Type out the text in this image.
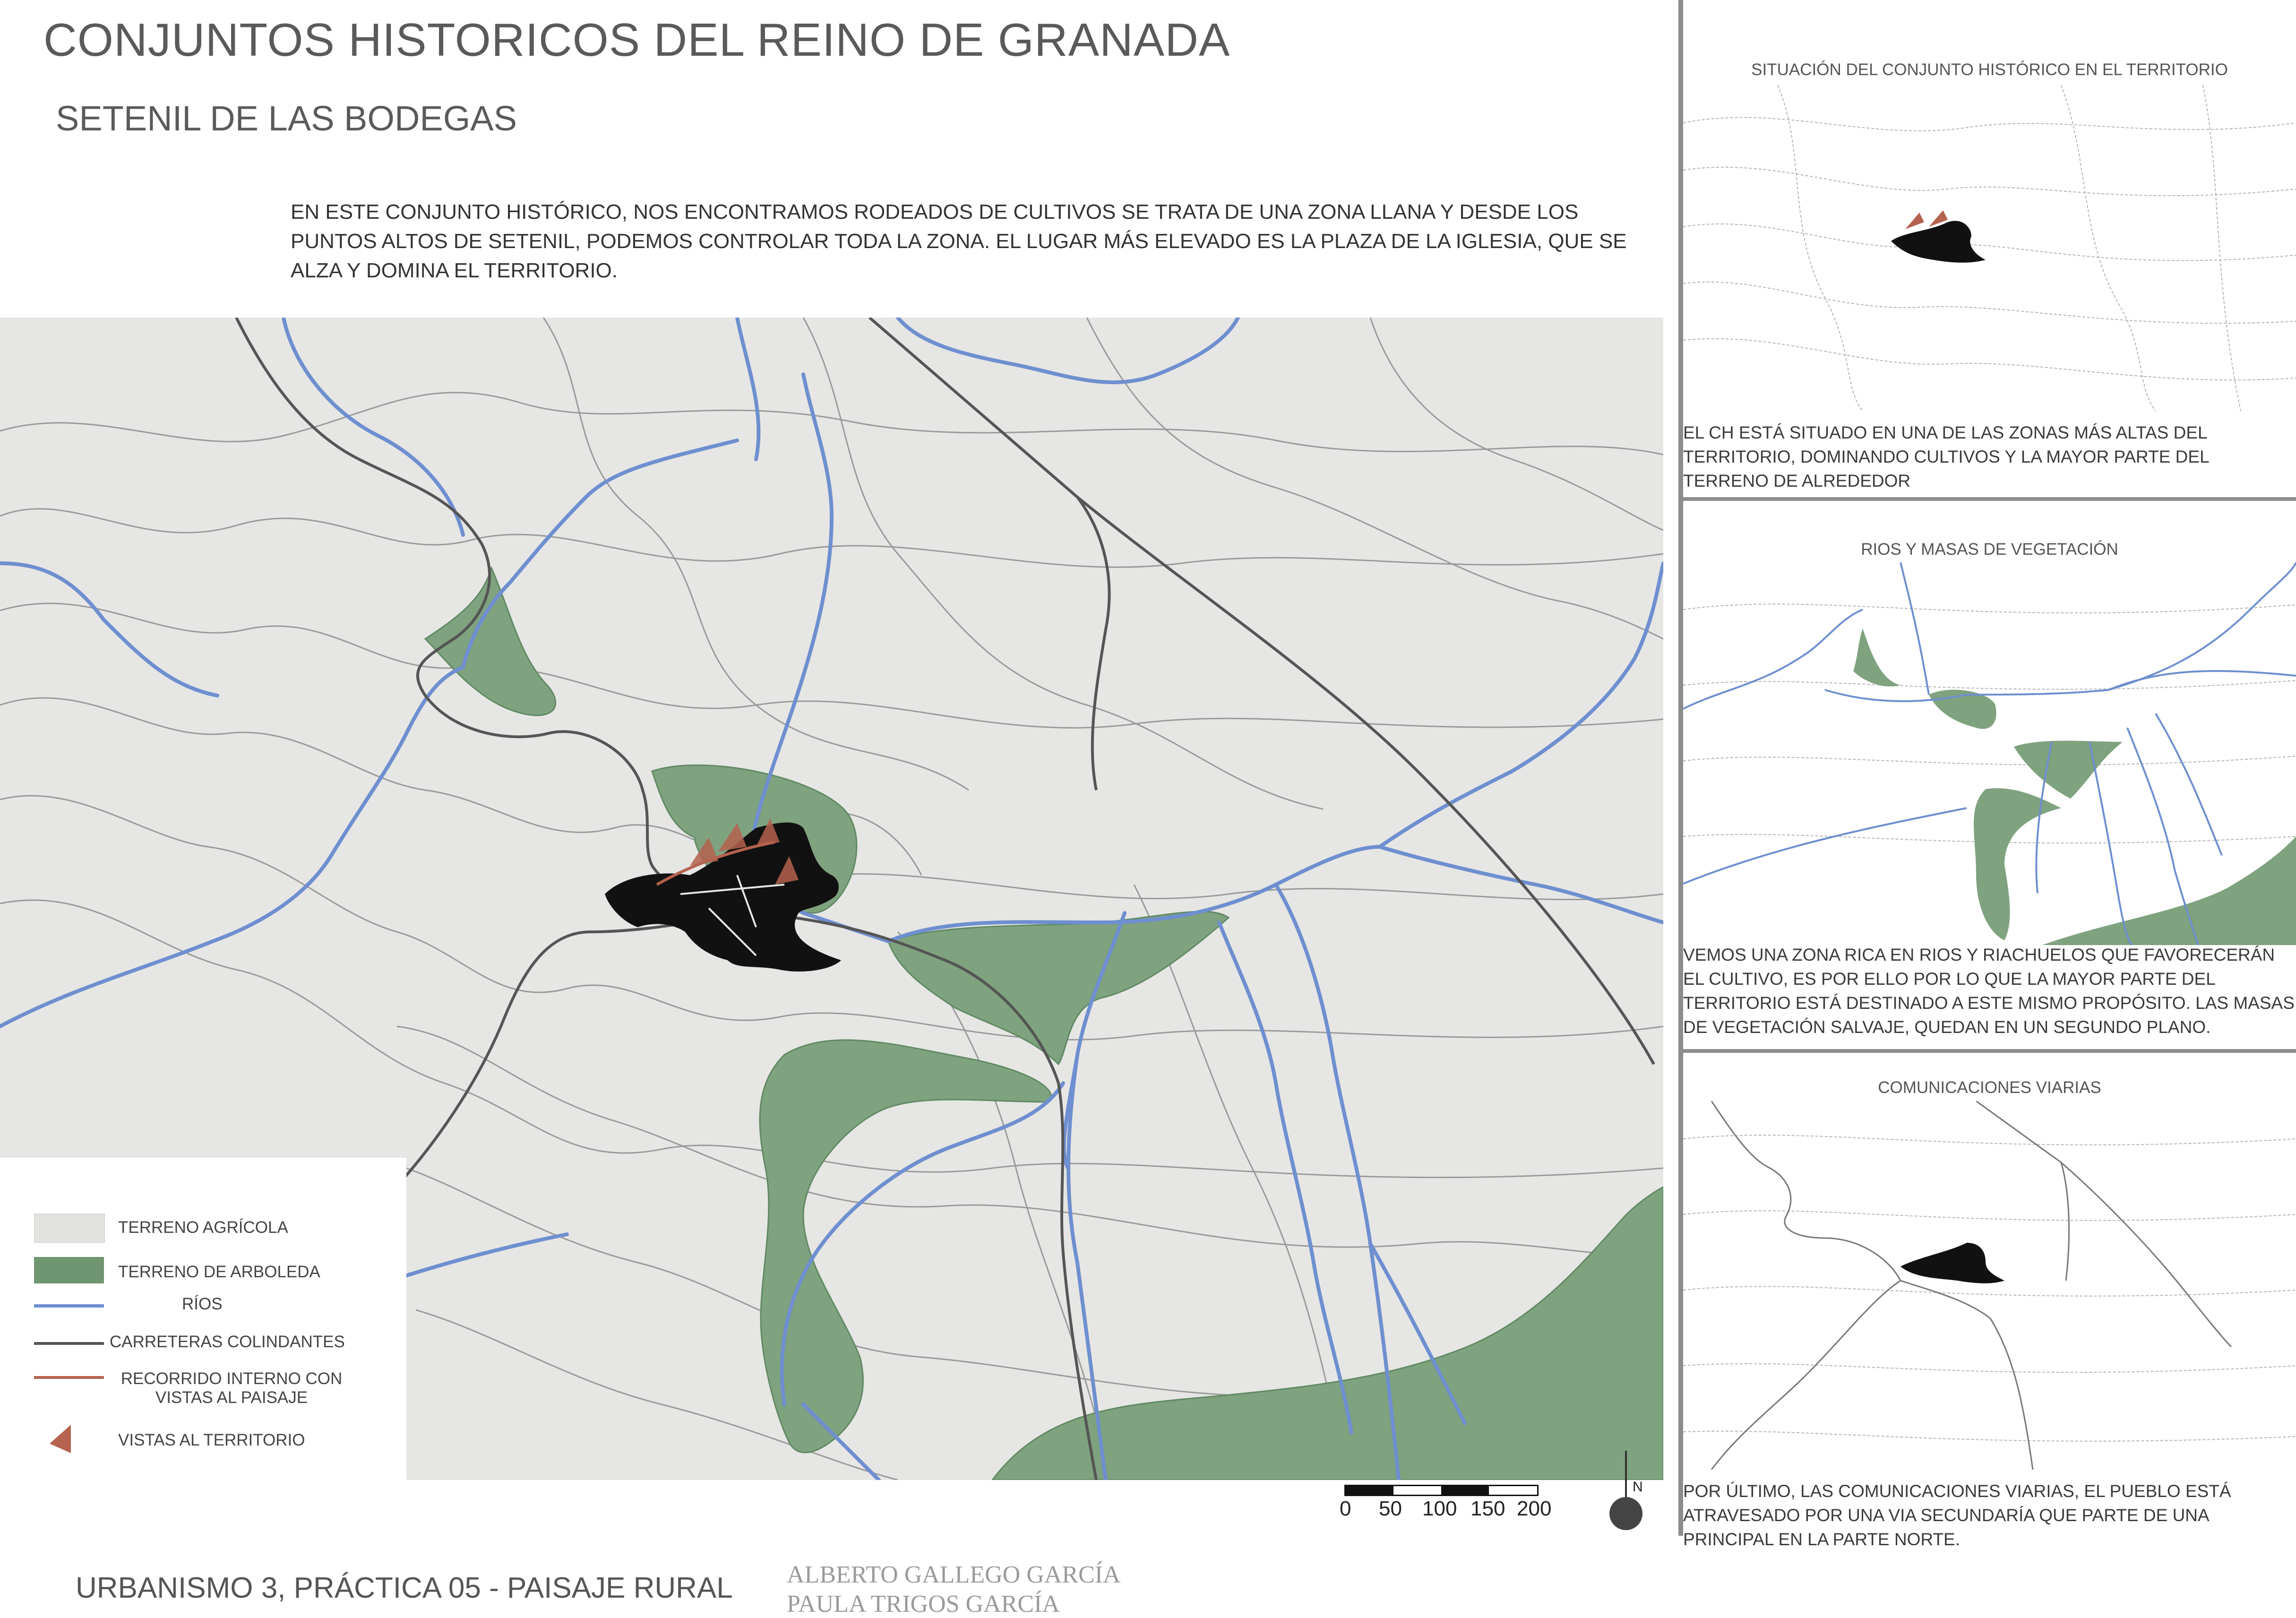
CONJUNTOS HISTORICOS DEL REINO DE GRANADA
SETENIL DE LAS BODEGAS
EN ESTE CONJUNTO HISTÓRICO, NOS ENCONTRAMOS RODEADOS DE CULTIVOS SE TRATA DE UNA ZONA LLANA Y DESDE LOS PUNTOS ALTOS DE SETENIL, PODEMOS CONTROLAR TODA LA ZONA. EL LUGAR MÁS ELEVADO ES LA PLAZA DE LA IGLESIA, QUE SE ALZA Y DOMINA EL TERRITORIO.
TERRENO AGRÍCOLA
TERRENO DE ARBOLEDA
RÍOS
CARRETERAS COLINDANTES
RECORRIDO INTERNO CON VISTAS AL PAISAJE
VISTAS AL TERRITORIO
0 50 100 150 200
N
SITUACIÓN DEL CONJUNTO HISTÓRICO EN EL TERRITORIO
EL CH ESTÁ SITUADO EN UNA DE LAS ZONAS MÁS ALTAS DEL TERRITORIO, DOMINANDO CULTIVOS Y LA MAYOR PARTE DEL TERRENO DE ALREDEDOR
RIOS Y MASAS DE VEGETACIÓN
VEMOS UNA ZONA RICA EN RIOS Y RIACHUELOS QUE FAVORECERÁN EL CULTIVO, ES POR ELLO POR LO QUE LA MAYOR PARTE DEL TERRITORIO ESTÁ DESTINADO A ESTE MISMO PROPÓSITO. LAS MASAS DE VEGETACIÓN SALVAJE, QUEDAN EN UN SEGUNDO PLANO.
COMUNICACIONES VIARIAS
POR ÚLTIMO, LAS COMUNICACIONES VIARIAS, EL PUEBLO ESTÁ ATRAVESADO POR UNA VIA SECUNDARÍA QUE PARTE DE UNA PRINCIPAL EN LA PARTE NORTE.
URBANISMO 3, PRÁCTICA 05 - PAISAJE RURAL ALBERTO GALLEGO GARCÍA
PAULA TRIGOS GARCÍA
